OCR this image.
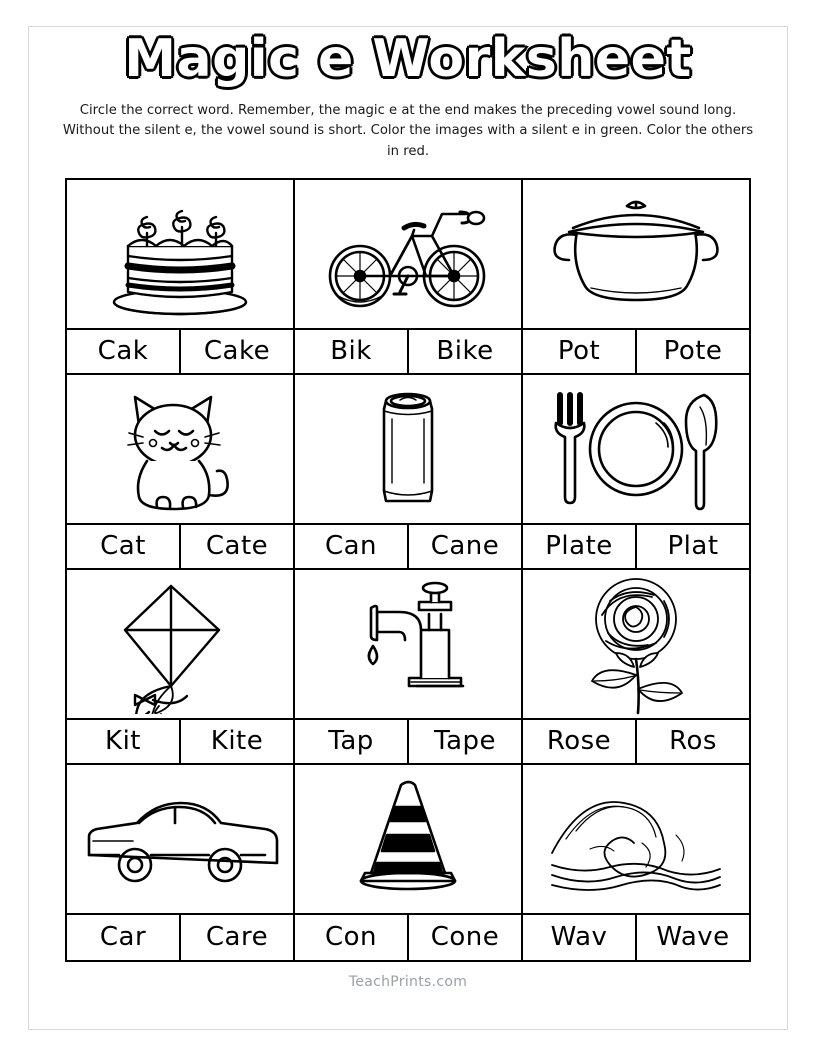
Magic e Worksheet
Circle the correct word. Remember, the magic e at the end makes the preceding vowel sound long. Without the silent e, the vowel sound is short. Color the images with a silent e in green. Color the others in red.
Cak	Cake	Bik	Bike	Pot	Pote
Cat	Cate	Can	Cane	Plate	Plat
Kit	Kite	Tap	Tape	Rose	Ros
Car	Care	Con	Cone	Wav	Wave
TeachPrints.com
